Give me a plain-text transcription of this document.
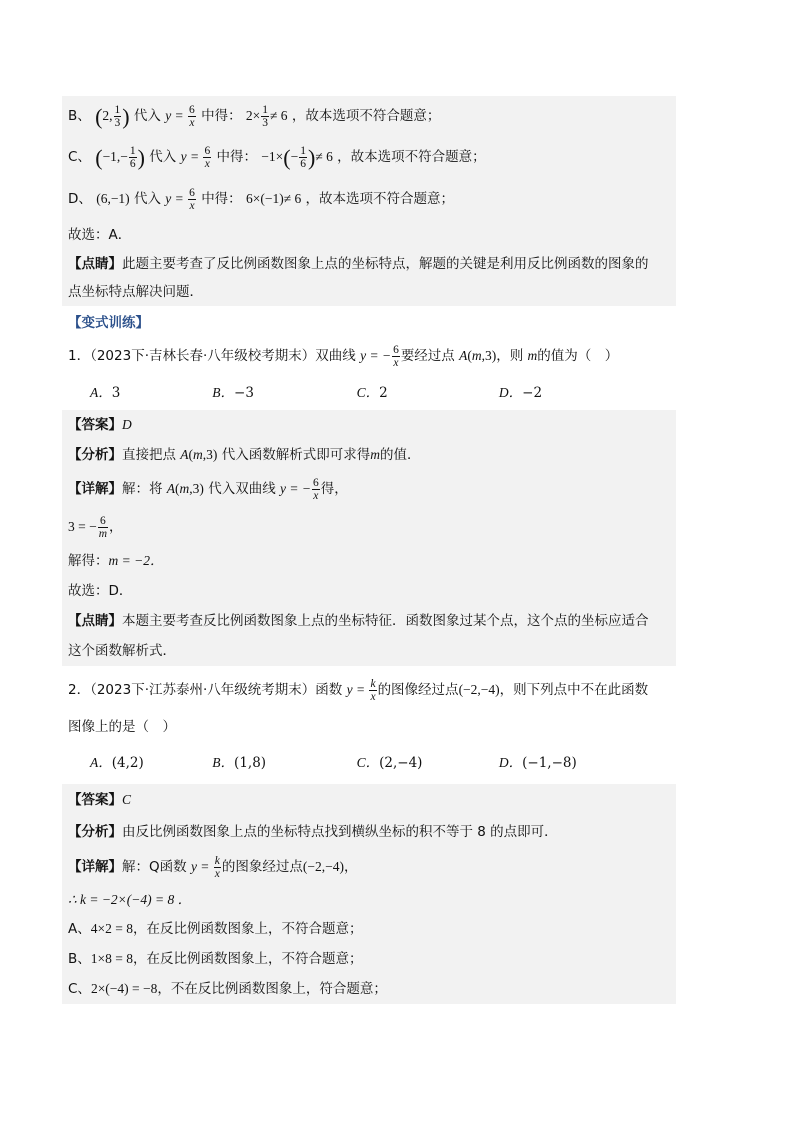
B、 (2, $\frac{1}{3}$ ) 代入 $y = \frac{6}{x}$ 中得： $2\times \frac{1}{3} \ne 6$ ，故本选项不符合题意；
C、 ($-1,- \frac{1}{6}$ ) 代入 $y = \frac{6}{x}$ 中得： $-1\times(- \frac{1}{6}$ )≠ 6 ，故本选项不符合题意；
D、 (6,−1) 代入 $y = \frac{6}{x}$ 中得： 6×(−1)≠ 6 ，故本选项不符合题意；
故选：A．
【点睛】此题主要考查了反比例函数图象上点的坐标特点，解题的关键是利用反比例函数的图象的
点坐标特点解决问题．
【变式训练】
1．（2023下·吉林长春·八年级校考期末）双曲线 y = − $\frac{6}{x}$ 要经过点 A(m,3)，则 m的值为（　）
A．3	B．−3	C．2	D．−2
【答案】D
【分析】直接把点 A(m,3) 代入函数解析式即可求得m的值．
【详解】解：将 A(m,3) 代入双曲线 y = − $\frac{6}{x}$ 得，
3 = − $\frac{6}{m}$ ，
解得：m = −2．
故选：D．
【点睛】本题主要考查反比例函数图象上点的坐标特征．函数图象过某个点，这个点的坐标应适合
这个函数解析式．
2．（2023下·江苏泰州·八年级统考期末）函数 $y = \frac{k}{x}$ 的图像经过点(−2,−4)，则下列点中不在此函数
图像上的是（　）
A．(4,2)	B．(1,8)	C．(2,−4)	D．(−1,−8)
【答案】C
【分析】由反比例函数图象上点的坐标特点找到横纵坐标的积不等于 8 的点即可．
【详解】解：Q函数 $y = \frac{k}{x}$ 的图象经过点(−2,−4)，
∴ k = −2×(−4) = 8 ．
A、4×2 = 8，在反比例函数图象上，不符合题意；
B、1×8 = 8，在反比例函数图象上，不符合题意；
C、2×(−4) = −8，不在反比例函数图象上，符合题意；
